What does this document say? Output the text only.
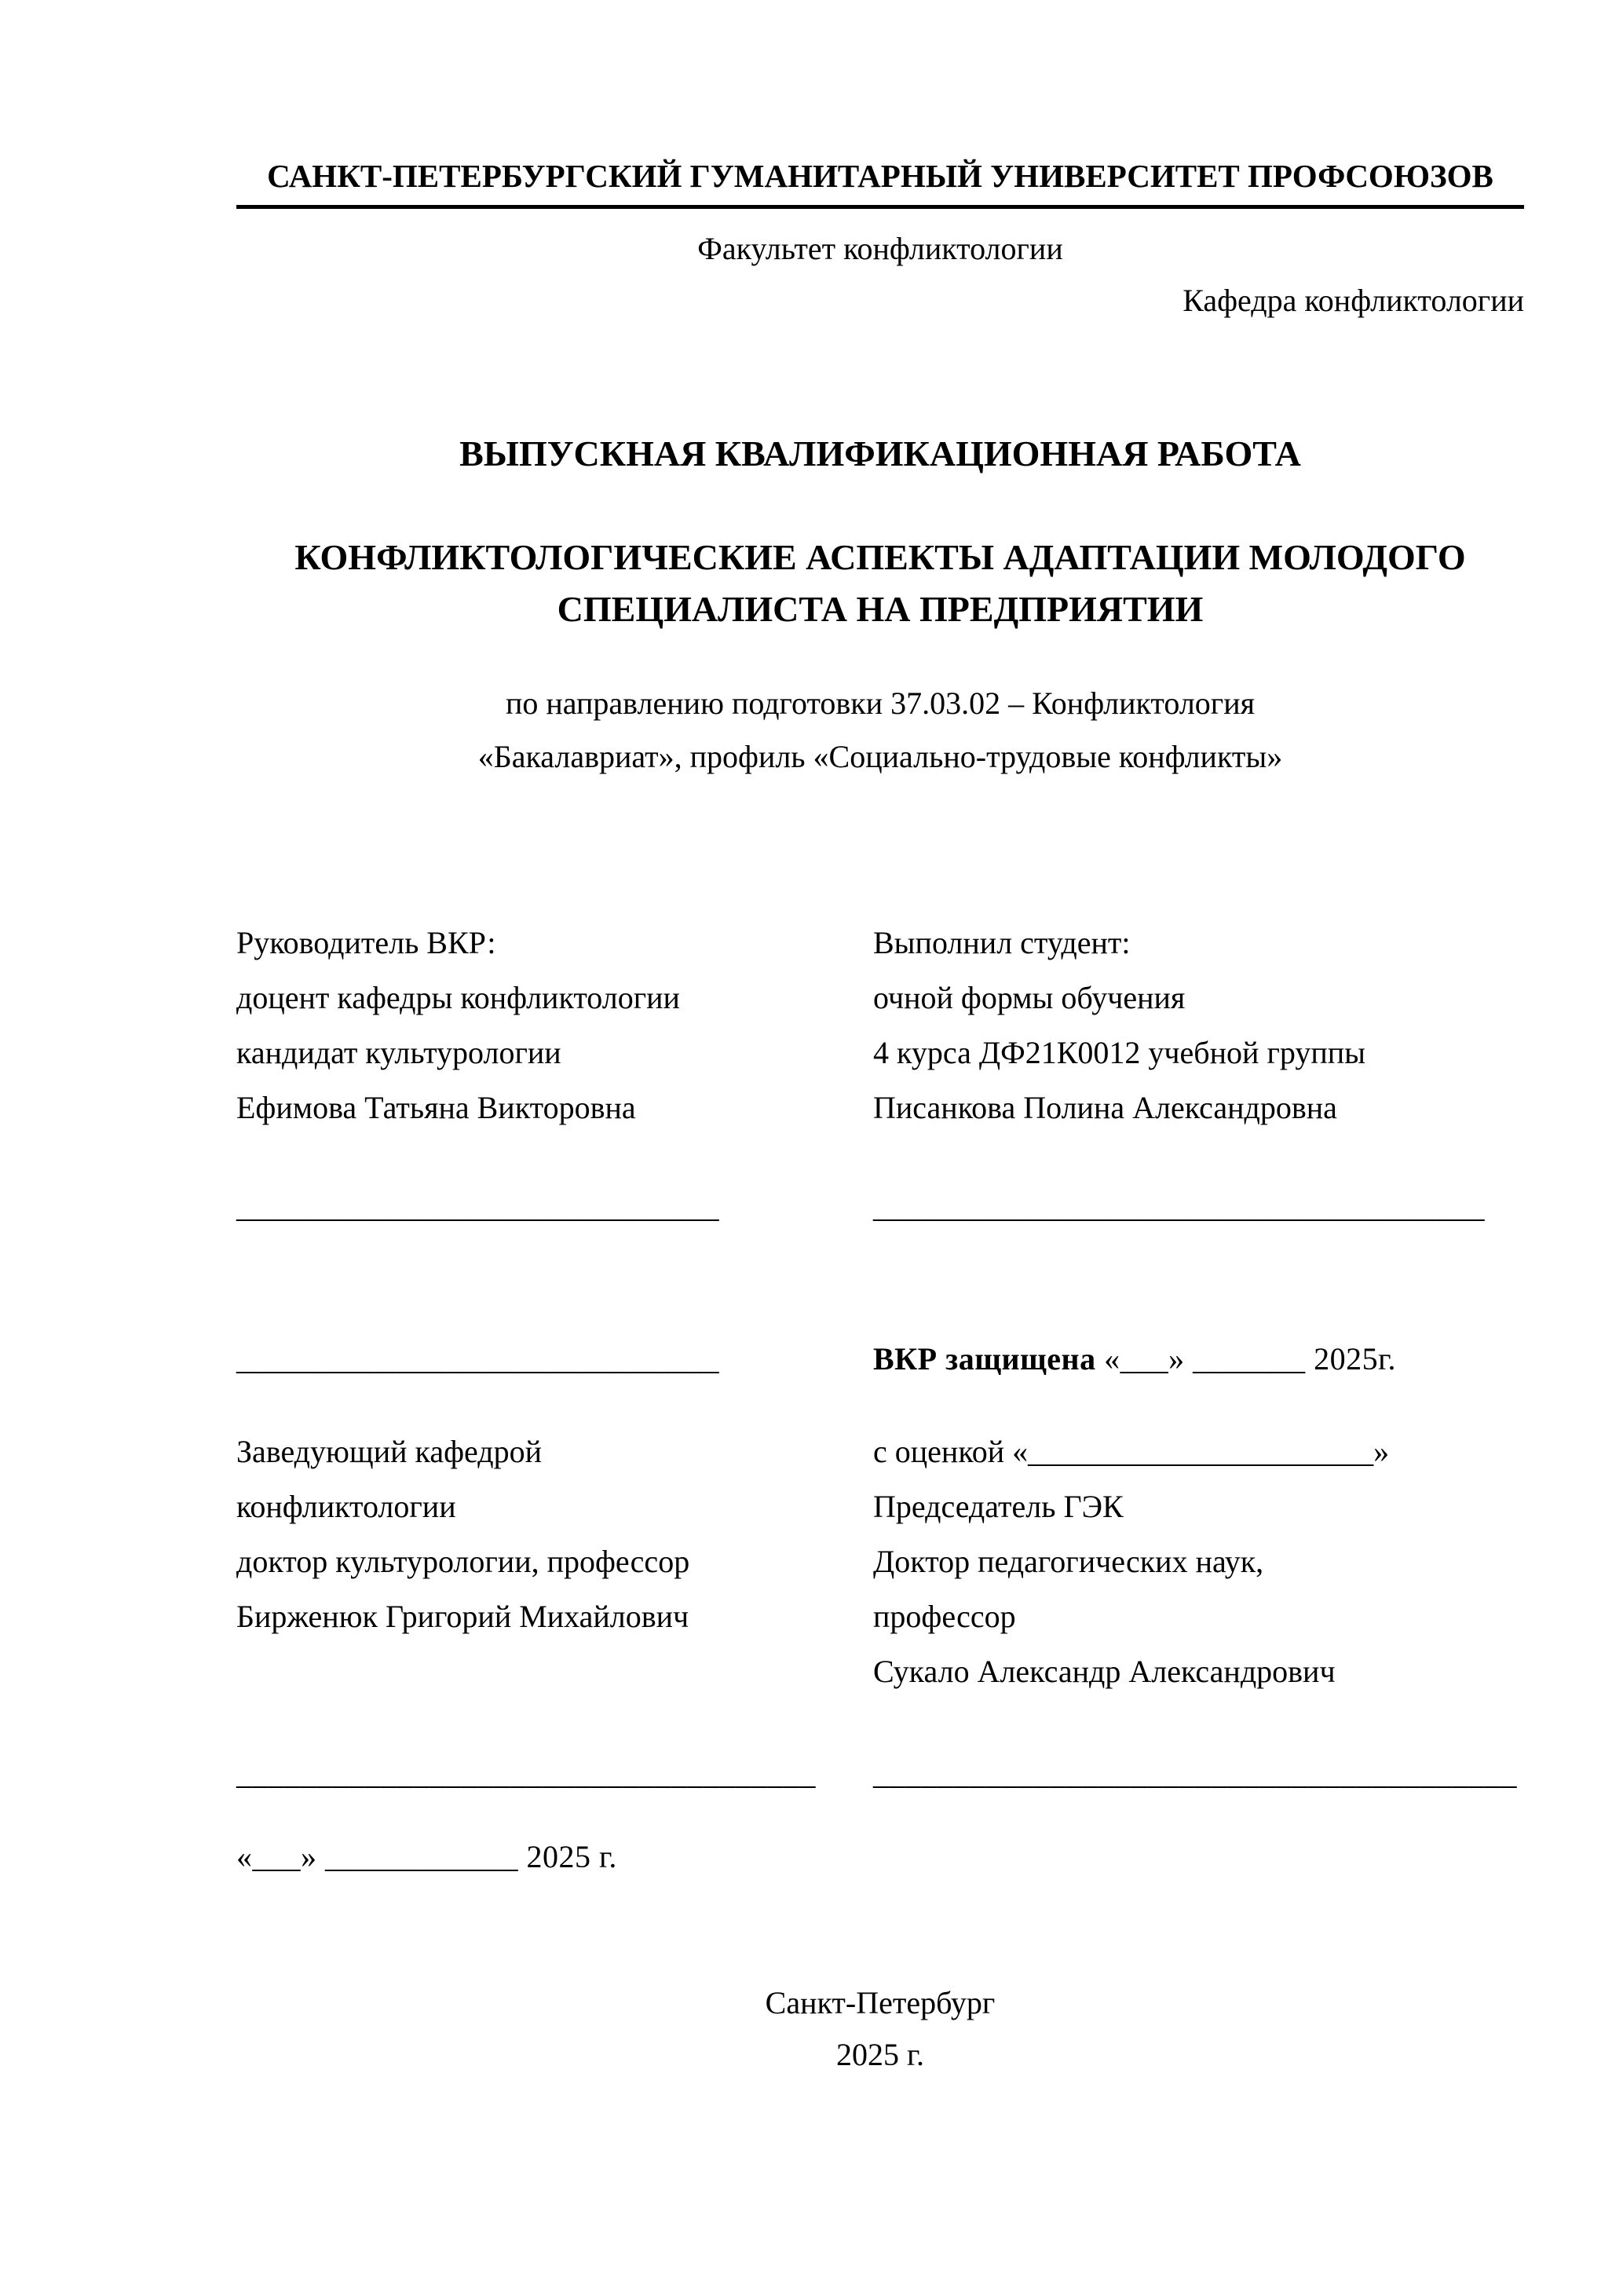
САНКТ-ПЕТЕРБУРГСКИЙ ГУМАНИТАРНЫЙ УНИВЕРСИТЕТ ПРОФСОЮЗОВ
Факультет конфликтологии
Кафедра конфликтологии
ВЫПУСКНАЯ КВАЛИФИКАЦИОННАЯ РАБОТА
КОНФЛИКТОЛОГИЧЕСКИЕ АСПЕКТЫ АДАПТАЦИИ МОЛОДОГО
СПЕЦИАЛИСТА НА ПРЕДПРИЯТИИ
по направлению подготовки 37.03.02 – Конфликтология
«Бакалавриат», профиль «Социально-трудовые конфликты»
Руководитель ВКР:
доцент кафедры конфликтологии
кандидат культурологии
Ефимова Татьяна Викторовна
Выполнил студент:
очной формы обучения
4 курса ДФ21К0012 учебной группы
Писанкова Полина Александровна
______________________________	______________________________________
______________________________	ВКР защищена «___» _______ 2025г.
Заведующий кафедрой
конфликтологии
доктор культурологии, профессор
Бирженюк Григорий Михайлович
с оценкой «______________________»
Председатель ГЭК
Доктор педагогических наук,
профессор
Сукало Александр Александрович
____________________________________	________________________________________
«___» ____________ 2025 г.
Санкт-Петербург
2025 г.
